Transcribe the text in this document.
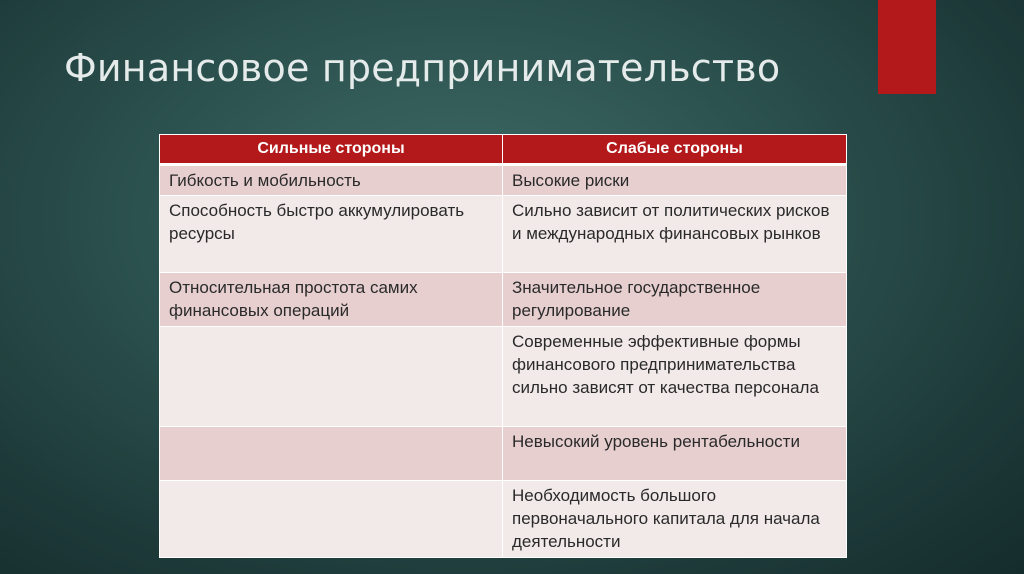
Финансовое предпринимательство
Сильные стороны	Слабые стороны
Гибкость и мобильность	Высокие риски
Способность быстро аккумулировать ресурсы	Сильно зависит от политических рисков и международных финансовых рынков
Относительная простота самих финансовых операций	Значительное государственное регулирование
	Современные эффективные формы финансового предпринимательства сильно зависят от качества персонала
	Невысокий уровень рентабельности
	Необходимость большого первоначального капитала для начала деятельности
